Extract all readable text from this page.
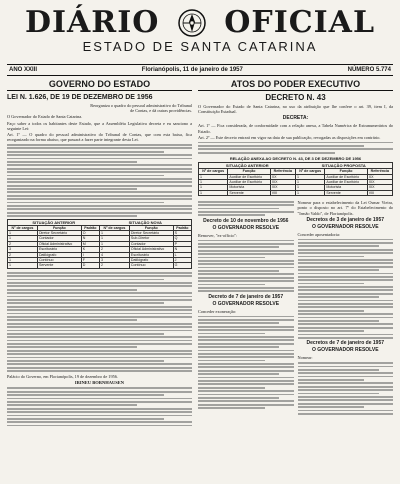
DIÁRIO OFICIAL
ESTADO DE SANTA CATARINA
ANO XXIII	Florianópolis, 11 de janeiro de 1957	NÚMERO 5.774
GOVERNO DO ESTADO
LEI N. 1.626, DE 19 DE DEZEMBRO DE 1956
Reorganiza o quadro do pessoal administrativo do Tribunal de Contas, e dá outras providências.
O Governador do Estado de Santa Catarina.
Faço saber a todos os habitantes deste Estado, que a Assembléia Legislativa decreta e eu sanciono a seguinte Lei:
Art. 1º — O quadro do pessoal administrativo do Tribunal de Contas, que com esta baixa, fica reorganizado na forma abaixo, que passará a fazer parte integrante desta Lei.
SITUAÇÃO ANTERIOR	SITUAÇÃO NOVA
Nº de cargos	Função	Padrão	Nº de cargos	Função	Padrão
1	Diretor Secretário	O	1	Diretor Secretário	S
1	Contador	N	1	Sub-Diretor	Q
2	Oficial Administrativo	M	1	Contador	P
3	Escriturário	K	2	Oficial Administrativo	N
2	Datilógrafo	I	4	Escriturário	L
1	Contínuo	F	3	Datilógrafo	J
1	Servente	D	2	Contínuo	G
Palácio do Governo, em Florianópolis, 19 de dezembro de 1956.
IRINEU BORNHAUSEN
ATOS DO PODER EXECUTIVO
DECRETO N. 43
O Governador do Estado de Santa Catarina, no uso da atribuição que lhe confere o art. 39, item I, da Constituição Estadual.
DECRETA:
Art. 1º — Fica considerada, de conformidade com a relação anexa, a Tabela Numérica de Extranumerários do Estado.
Art. 2º — Este decreto entrará em vigor na data de sua publicação, revogadas as disposições em contrário.
RELAÇÃO ANEXA AO DECRETO N. 43, DE 3 DE DEZEMBRO DE 1956
SITUAÇÃO ANTERIOR	SITUAÇÃO PROPOSTA
Nº de cargos	Função	Referência	Nº de cargos	Função	Referência
1	Auxiliar de Escritório	XX	1	Auxiliar de Escritório	XX
1	Auxiliar de Escritório	XIX	1	Auxiliar de Escritório	XIX
1	Motorista	XIX	1	Motorista	XIX
1	Servente	VIII	1	Servente	VIII
Decreto de 10 de novembro de 1956
O GOVERNADOR RESOLVE
Remover, "ex-officio":
Decreto de 7 de janeiro de 1957
O GOVERNADOR RESOLVE
Conceder exoneração:
Nomear para o estabelecimento da Lei Osmar Vieira, ponto o disposto no art. 7º do Estabelecimento do "Irmão Valdo", de Florianópolis.
Decretos de 3 de janeiro de 1957
O GOVERNADOR RESOLVE
Conceder aposentadoria:
Decretos de 7 de janeiro de 1957
O GOVERNADOR RESOLVE
Nomear:
